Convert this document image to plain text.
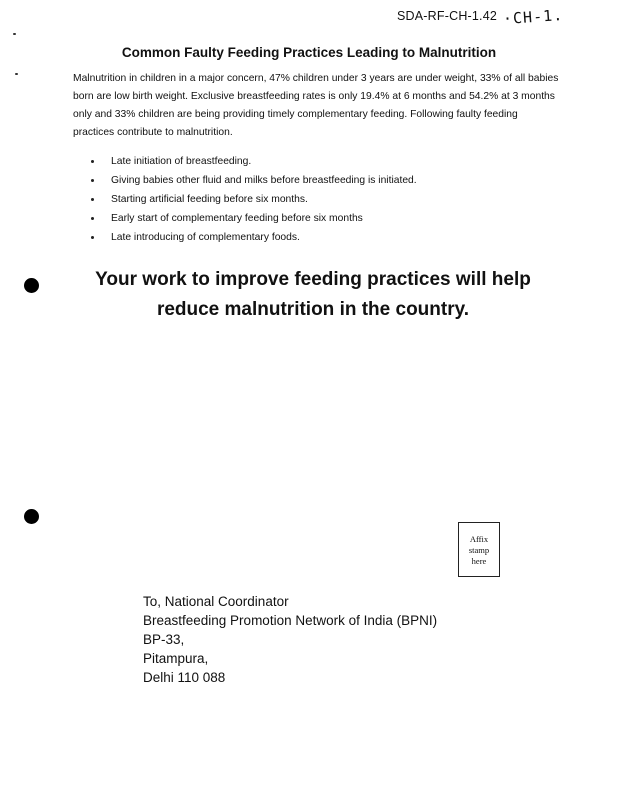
SDA-RF-CH-1.42 ·CH-1.
Common Faulty Feeding Practices Leading to Malnutrition

Malnutrition in children in a major concern, 47% children under 3 years are under weight, 33% of all babies born are low birth weight. Exclusive breastfeeding rates is only 19.4% at 6 months and 54.2% at 3 months only and 33% children are being providing timely complementary feeding. Following faulty feeding practices contribute to malnutrition.

Late initiation of breastfeeding.
Giving babies other fluid and milks before breastfeeding is initiated.
Starting artificial feeding before six months.
Early start of complementary feeding before six months
Late introducing of complementary foods.
Your work to improve feeding practices will help
reduce malnutrition in the country.
Affix
stamp
here
To, National Coordinator
Breastfeeding Promotion Network of India (BPNI)
BP-33,
Pitampura,
Delhi 110 088
